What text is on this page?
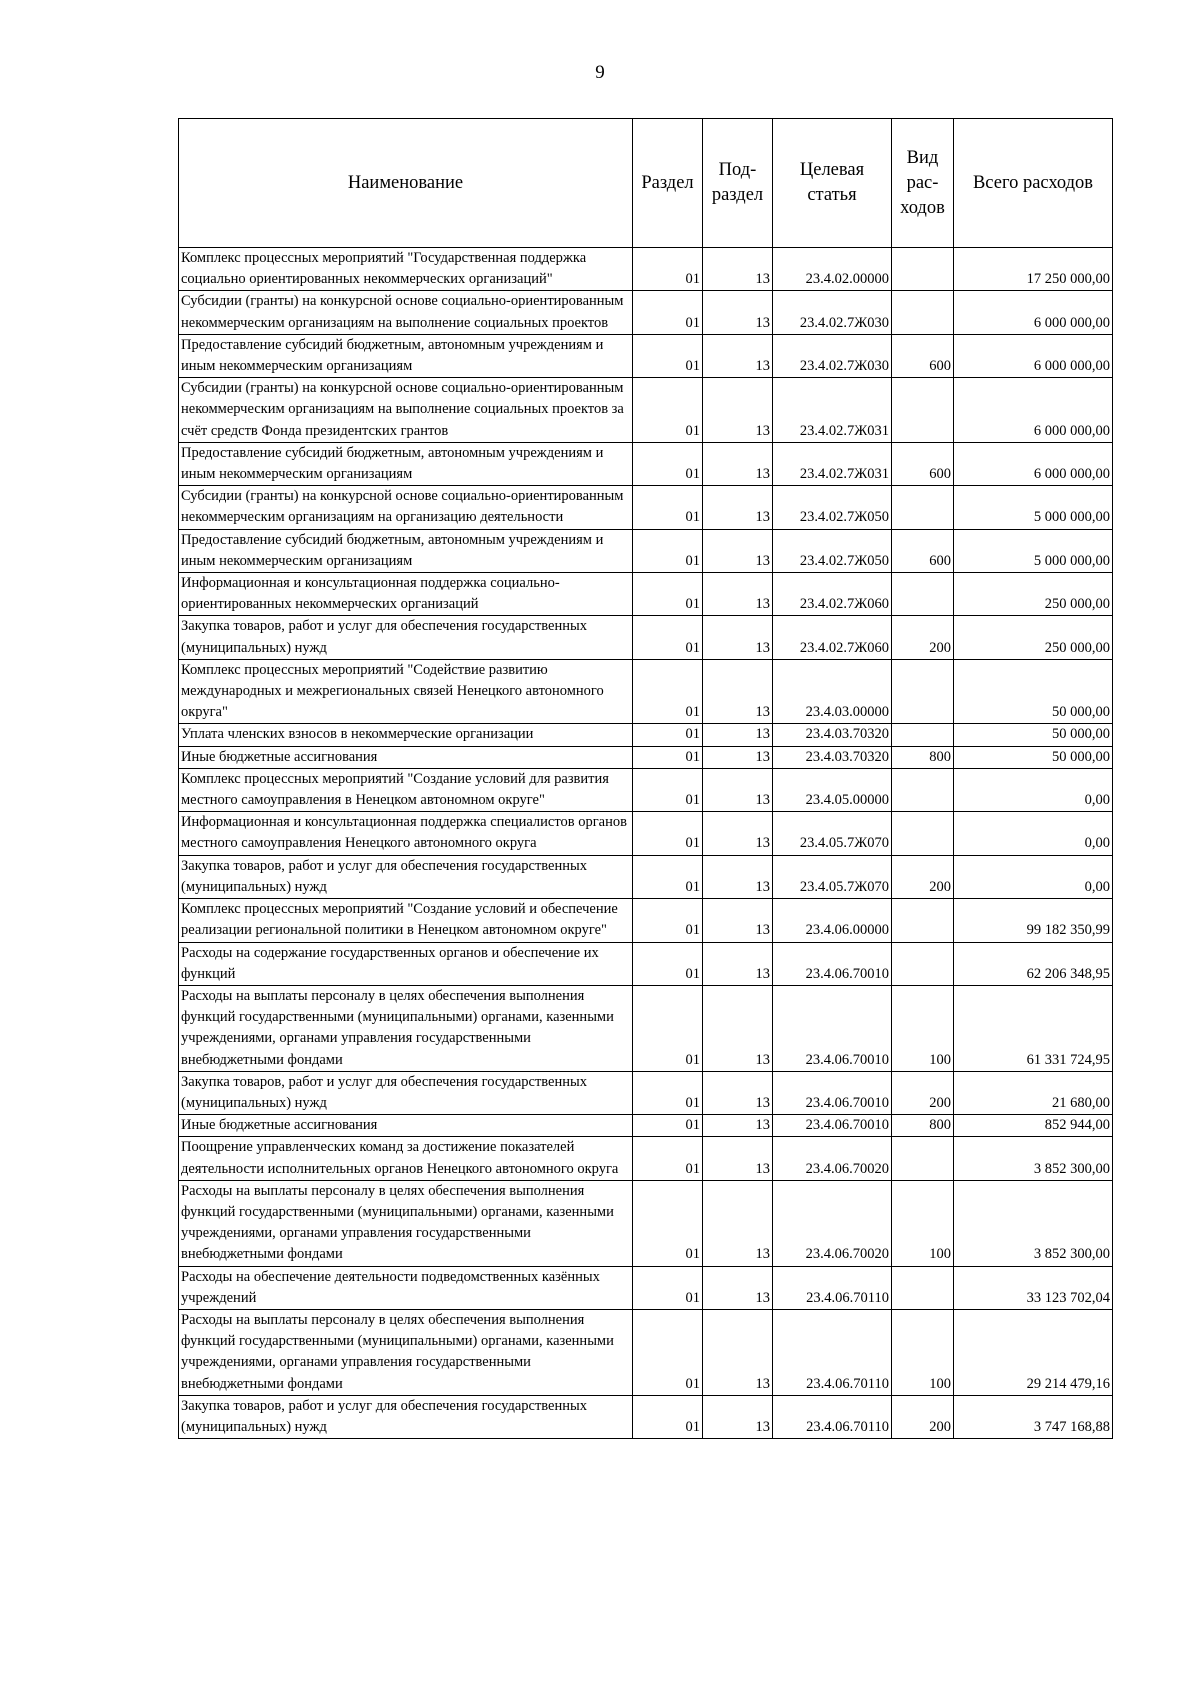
9
Наименование	Раздел	Под-раздел	Целевая статья	Вид рас-ходов	Всего расходов
Комплекс процессных мероприятий "Государственная поддержка социально ориентированных некоммерческих организаций"	01	13	23.4.02.00000		17 250 000,00
Субсидии (гранты) на конкурсной основе социально-ориентированным некоммерческим организациям на выполнение социальных проектов	01	13	23.4.02.7Ж030		6 000 000,00
Предоставление субсидий бюджетным, автономным учреждениям и иным некоммерческим организациям	01	13	23.4.02.7Ж030	600	6 000 000,00
Субсидии (гранты) на конкурсной основе социально-ориентированным некоммерческим организациям на выполнение социальных проектов за счёт средств Фонда президентских грантов	01	13	23.4.02.7Ж031		6 000 000,00
Предоставление субсидий бюджетным, автономным учреждениям и иным некоммерческим организациям	01	13	23.4.02.7Ж031	600	6 000 000,00
Субсидии (гранты) на конкурсной основе социально-ориентированным некоммерческим организациям на организацию деятельности	01	13	23.4.02.7Ж050		5 000 000,00
Предоставление субсидий бюджетным, автономным учреждениям и иным некоммерческим организациям	01	13	23.4.02.7Ж050	600	5 000 000,00
Информационная и консультационная поддержка социально-ориентированных некоммерческих организаций	01	13	23.4.02.7Ж060		250 000,00
Закупка товаров, работ и услуг для обеспечения государственных (муниципальных) нужд	01	13	23.4.02.7Ж060	200	250 000,00
Комплекс процессных мероприятий "Содействие развитию международных и межрегиональных связей Ненецкого автономного округа"	01	13	23.4.03.00000		50 000,00
Уплата членских взносов в некоммерческие организации	01	13	23.4.03.70320		50 000,00
Иные бюджетные ассигнования	01	13	23.4.03.70320	800	50 000,00
Комплекс процессных мероприятий "Создание условий для развития местного самоуправления в Ненецком автономном округе"	01	13	23.4.05.00000		0,00
Информационная и консультационная поддержка специалистов органов местного самоуправления Ненецкого автономного округа	01	13	23.4.05.7Ж070		0,00
Закупка товаров, работ и услуг для обеспечения государственных (муниципальных) нужд	01	13	23.4.05.7Ж070	200	0,00
Комплекс процессных мероприятий "Создание условий и обеспечение реализации региональной политики в Ненецком автономном округе"	01	13	23.4.06.00000		99 182 350,99
Расходы на содержание государственных органов и обеспечение их функций	01	13	23.4.06.70010		62 206 348,95
Расходы на выплаты персоналу в целях обеспечения выполнения функций государственными (муниципальными) органами, казенными учреждениями, органами управления государственными внебюджетными фондами	01	13	23.4.06.70010	100	61 331 724,95
Закупка товаров, работ и услуг для обеспечения государственных (муниципальных) нужд	01	13	23.4.06.70010	200	21 680,00
Иные бюджетные ассигнования	01	13	23.4.06.70010	800	852 944,00
Поощрение управленческих команд за достижение показателей деятельности исполнительных органов Ненецкого автономного округа	01	13	23.4.06.70020		3 852 300,00
Расходы на выплаты персоналу в целях обеспечения выполнения функций государственными (муниципальными) органами, казенными учреждениями, органами управления государственными внебюджетными фондами	01	13	23.4.06.70020	100	3 852 300,00
Расходы на обеспечение деятельности подведомственных казённых учреждений	01	13	23.4.06.70110		33 123 702,04
Расходы на выплаты персоналу в целях обеспечения выполнения функций государственными (муниципальными) органами, казенными учреждениями, органами управления государственными внебюджетными фондами	01	13	23.4.06.70110	100	29 214 479,16
Закупка товаров, работ и услуг для обеспечения государственных (муниципальных) нужд	01	13	23.4.06.70110	200	3 747 168,88
